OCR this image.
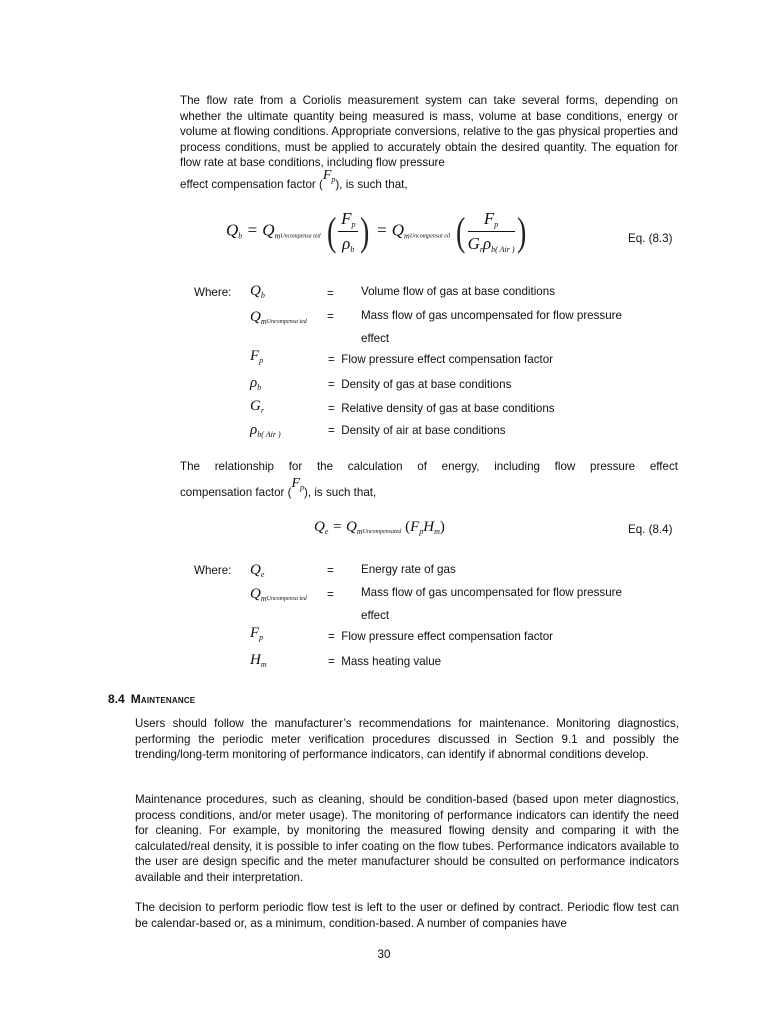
The flow rate from a Coriolis measurement system can take several forms, depending on whether the ultimate quantity being measured is mass, volume at base conditions, energy or volume at flowing conditions. Appropriate conversions, relative to the gas physical properties and process conditions, must be applied to accurately obtain the desired quantity. The equation for flow rate at base conditions, including flow pressure
effect compensation factor $(F_p)$, is such that,

$Q_b$ = $Q_mUncompensa$ ted ( $\frac{F_p}{\rho_b}$ ) = $Q_mUncompensat$ ed ( $\frac{F_p}{G_r\rho_{b( Air )}}$ )	Eq. (8.3)
Where: $Q_b$	= Volume flow of gas at base conditions
$Q_mUncompensa$ ted = Mass flow of gas uncompensated for flow pressure
effect
$F_p$	= Flow pressure effect compensation factor
$\rho_b$	= Density of gas at base conditions
$G_r$	= Relative density of gas at base conditions
$\rho_{b( Air )}$	= Density of air at base conditions

The relationship for the calculation of energy, including flow pressure effect

compensation factor $(F_p)$, is such that,

$Q_e$ = $Q_mUncompensated$ $(F_pH_m)$	Eq. (8.4)
Where: $Q_e$	= Energy rate of gas
$Q_mUncompensa$ ted = Mass flow of gas uncompensated for flow pressure
effect
$F_p$	= Flow pressure effect compensation factor
$H_m$	= Mass heating value
8.4 Maintenance

Users should follow the manufacturer’s recommendations for maintenance. Monitoring diagnostics, performing the periodic meter verification procedures discussed in Section 9.1 and possibly the trending/long-term monitoring of performance indicators, can identify if abnormal conditions develop.

Maintenance procedures, such as cleaning, should be condition-based (based upon meter diagnostics, process conditions, and/or meter usage). The monitoring of performance indicators can identify the need for cleaning. For example, by monitoring the measured flowing density and comparing it with the calculated/real density, it is possible to infer coating on the flow tubes. Performance indicators available to the user are design specific and the meter manufacturer should be consulted on performance indicators available and their interpretation.

The decision to perform periodic flow test is left to the user or defined by contract. Periodic flow test can be calendar-based or, as a minimum, condition-based. A number of companies have

30
